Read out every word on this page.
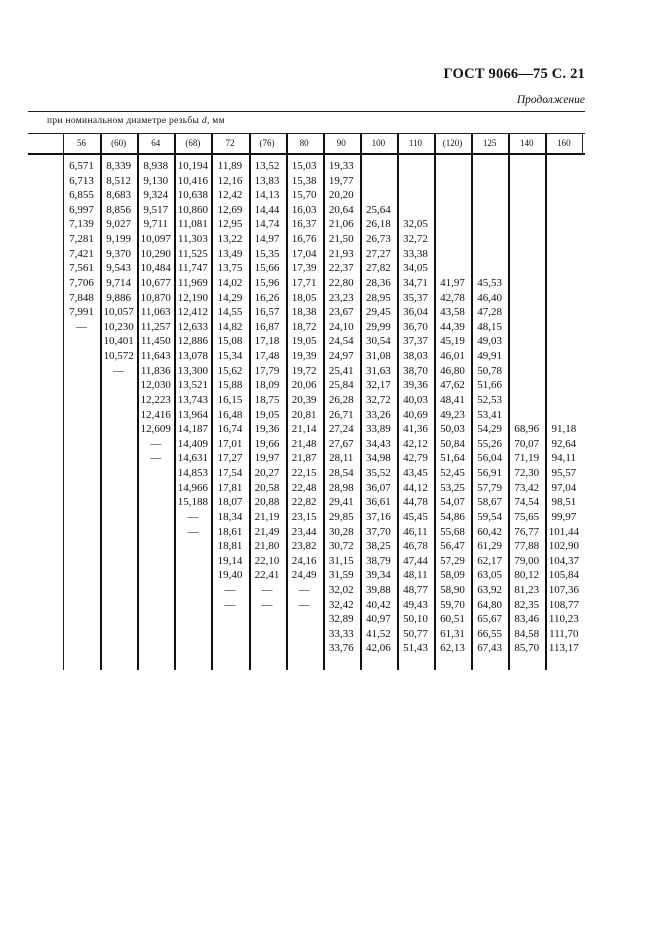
ГОСТ 9066—75 С. 21
Продолжение
при номинальном диаметре резьбы d, мм
56
6,571
6,713
6,855
6,997
7,139
7,281
7,421
7,561
7,706
7,848
7,991
—
(60)
8,339
8,512
8,683
8,856
9,027
9,199
9,370
9,543
9,714
9,886
10,057
10,230
10,401
10,572
—
64
8,938
9,130
9,324
9,517
9,711
10,097
10,290
10,484
10,677
10,870
11,063
11,257
11,450
11,643
11,836
12,030
12,223
12,416
12,609
—
—
(68)
10,194
10,416
10,638
10,860
11,081
11,303
11,525
11,747
11,969
12,190
12,412
12,633
12,886
13,078
13,300
13,521
13,743
13,964
14,187
14,409
14,631
14,853
14,966
15,188
—
—
72
11,89
12,16
12,42
12,69
12,95
13,22
13,49
13,75
14,02
14,29
14,55
14,82
15,08
15,34
15,62
15,88
16,15
16,48
16,74
17,01
17,27
17,54
17,81
18,07
18,34
18,61
18,81
19,14
19,40
—
—
(76)
13,52
13,83
14,13
14,44
14,74
14,97
15,35
15,66
15,96
16,26
16,57
16,87
17,18
17,48
17,79
18,09
18,75
19,05
19,36
19,66
19,97
20,27
20,58
20,88
21,19
21,49
21,80
22,10
22,41
—
—
80
15,03
15,38
15,70
16,03
16,37
16,76
17,04
17,39
17,71
18,05
18,38
18,72
19,05
19,39
19,72
20,06
20,39
20,81
21,14
21,48
21,87
22,15
22,48
22,82
23,15
23,44
23,82
24,16
24,49
—
—
90
19,33
19,77
20,20
20,64
21,06
21,50
21,93
22,37
22,80
23,23
23,67
24,10
24,54
24,97
25,41
25,84
26,28
26,71
27,24
27,67
28,11
28,54
28,98
29,41
29,85
30,28
30,72
31,15
31,59
32,02
32,42
32,89
33,33
33,76
100
25,64
26,18
26,73
27,27
27,82
28,36
28,95
29,45
29,99
30,54
31,08
31,63
32,17
32,72
33,26
33,89
34,43
34,98
35,52
36,07
36,61
37,16
37,70
38,25
38,79
39,34
39,88
40,42
40,97
41,52
42,06
110
32,05
32,72
33,38
34,05
34,71
35,37
36,04
36,70
37,37
38,03
38,70
39,36
40,03
40,69
41,36
42,12
42,79
43,45
44,12
44,78
45,45
46,11
46,78
47,44
48,11
48,77
49,43
50,10
50,77
51,43
(120)
41,97
42,78
43,58
44,39
45,19
46,01
46,80
47,62
48,41
49,23
50,03
50,84
51,64
52,45
53,25
54,07
54,86
55,68
56,47
57,29
58,09
58,90
59,70
60,51
61,31
62,13
125
45,53
46,40
47,28
48,15
49,03
49,91
50,78
51,66
52,53
53,41
54,29
55,26
56,04
56,91
57,79
58,67
59,54
60,42
61,29
62,17
63,05
63,92
64,80
65,67
66,55
67,43
140
68,96
70,07
71,19
72,30
73,42
74,54
75,65
76,77
77,88
79,00
80,12
81,23
82,35
83,46
84,58
85,70
160
91,18
92,64
94,11
95,57
97,04
98,51
99,97
101,44
102,90
104,37
105,84
107,36
108,77
110,23
111,70
113,17
